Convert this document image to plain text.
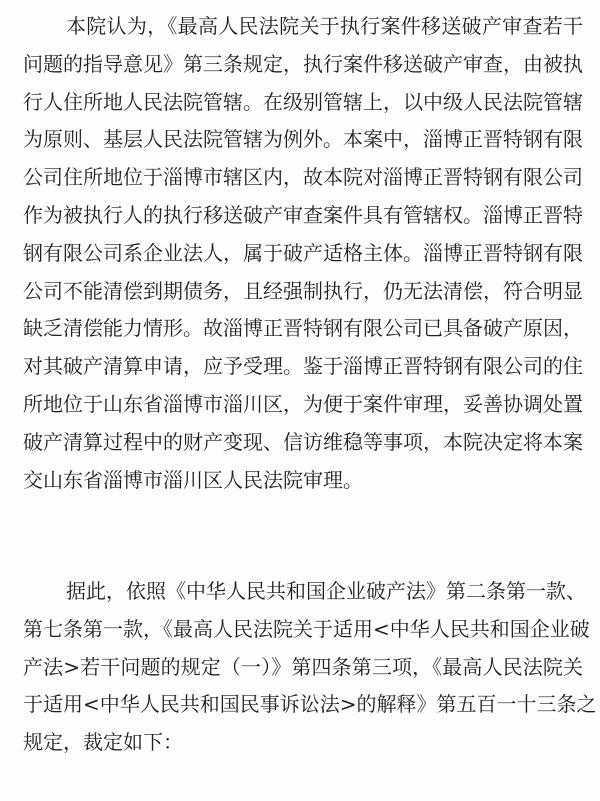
本院认为，《最高人民法院关于执行案件移送破产审查若干
问题的指导意见》第三条规定，执行案件移送破产审查，由被执
行人住所地人民法院管辖。在级别管辖上，以中级人民法院管辖
为原则、基层人民法院管辖为例外。本案中，淄博正晋特钢有限
公司住所地位于淄博市辖区内，故本院对淄博正晋特钢有限公司
作为被执行人的执行移送破产审查案件具有管辖权。淄博正晋特
钢有限公司系企业法人，属于破产适格主体。淄博正晋特钢有限
公司不能清偿到期债务，且经强制执行，仍无法清偿，符合明显
缺乏清偿能力情形。故淄博正晋特钢有限公司已具备破产原因，
对其破产清算申请，应予受理。鉴于淄博正晋特钢有限公司的住
所地位于山东省淄博市淄川区，为便于案件审理，妥善协调处置
破产清算过程中的财产变现、信访维稳等事项，本院决定将本案
交山东省淄博市淄川区人民法院审理。

据此，依照《中华人民共和国企业破产法》第二条第一款、
第七条第一款，《最高人民法院关于适用<中华人民共和国企业破
产法>若干问题的规定（一）》第四条第三项，《最高人民法院关
于适用<中华人民共和国民事诉讼法>的解释》第五百一十三条之
规定，裁定如下：
